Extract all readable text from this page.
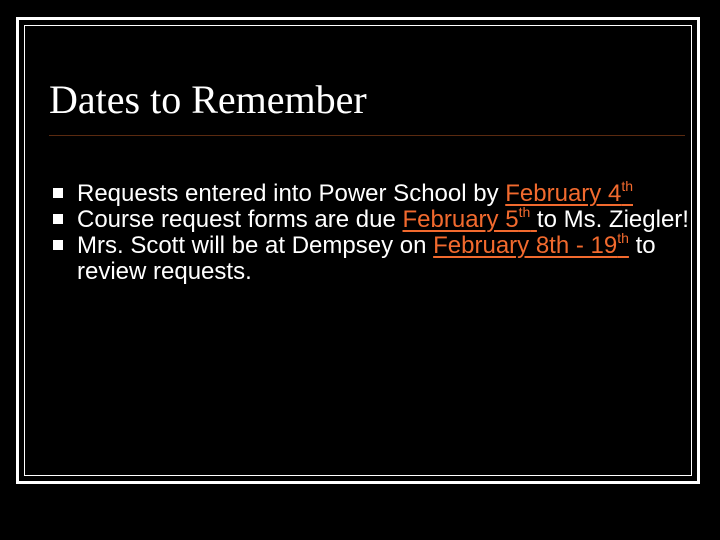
Dates to Remember
Requests entered into Power School by February 4th
Course request forms are due February 5th to Ms. Ziegler!
Mrs. Scott will be at Dempsey on February 8th - 19th to review requests.
